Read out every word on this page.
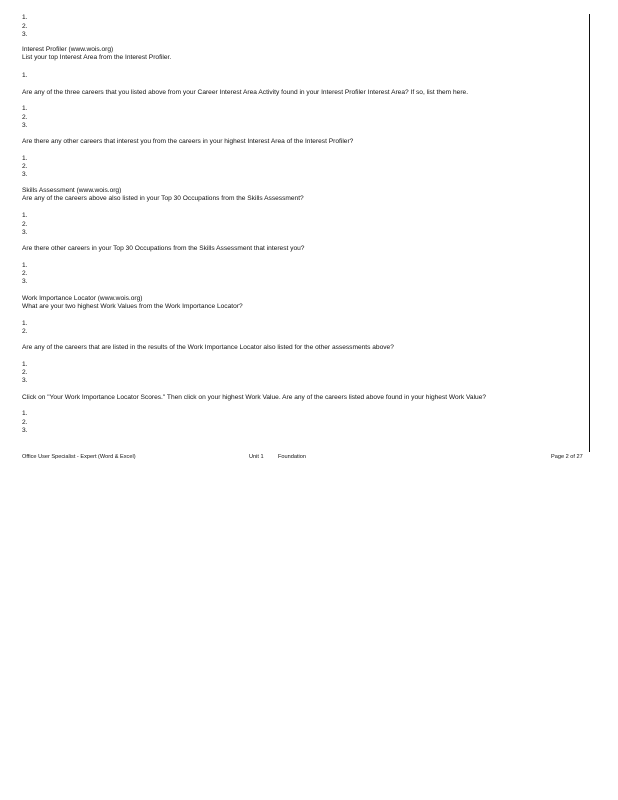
1.
2.
3.
Interest Profiler (www.wois.org)
List your top Interest Area from the Interest Profiler.
1.
Are any of the three careers that you listed above from your Career Interest Area Activity found in your Interest Profiler Interest Area? If so, list them here.
1.
2.
3.
Are there any other careers that interest you from the careers in your highest Interest Area of the Interest Profiler?
1.
2.
3.
Skills Assessment (www.wois.org)
Are any of the careers above also listed in your Top 30 Occupations from the Skills Assessment?
1.
2.
3.
Are there other careers in your Top 30 Occupations from the Skills Assessment that interest you?
1.
2.
3.
Work Importance Locator (www.wois.org)
What are your two highest Work Values from the Work Importance Locator?
1.
2.
Are any of the careers that are listed in the results of the Work Importance Locator also listed for the other assessments above?
1.
2.
3.
Click on "Your Work Importance Locator Scores." Then click on your highest Work Value. Are any of the careers listed above found in your highest Work Value?
1.
2.
3.
Office User Specialist - Expert (Word & Excel)	Unit 1	Foundation	Page 2 of 27
